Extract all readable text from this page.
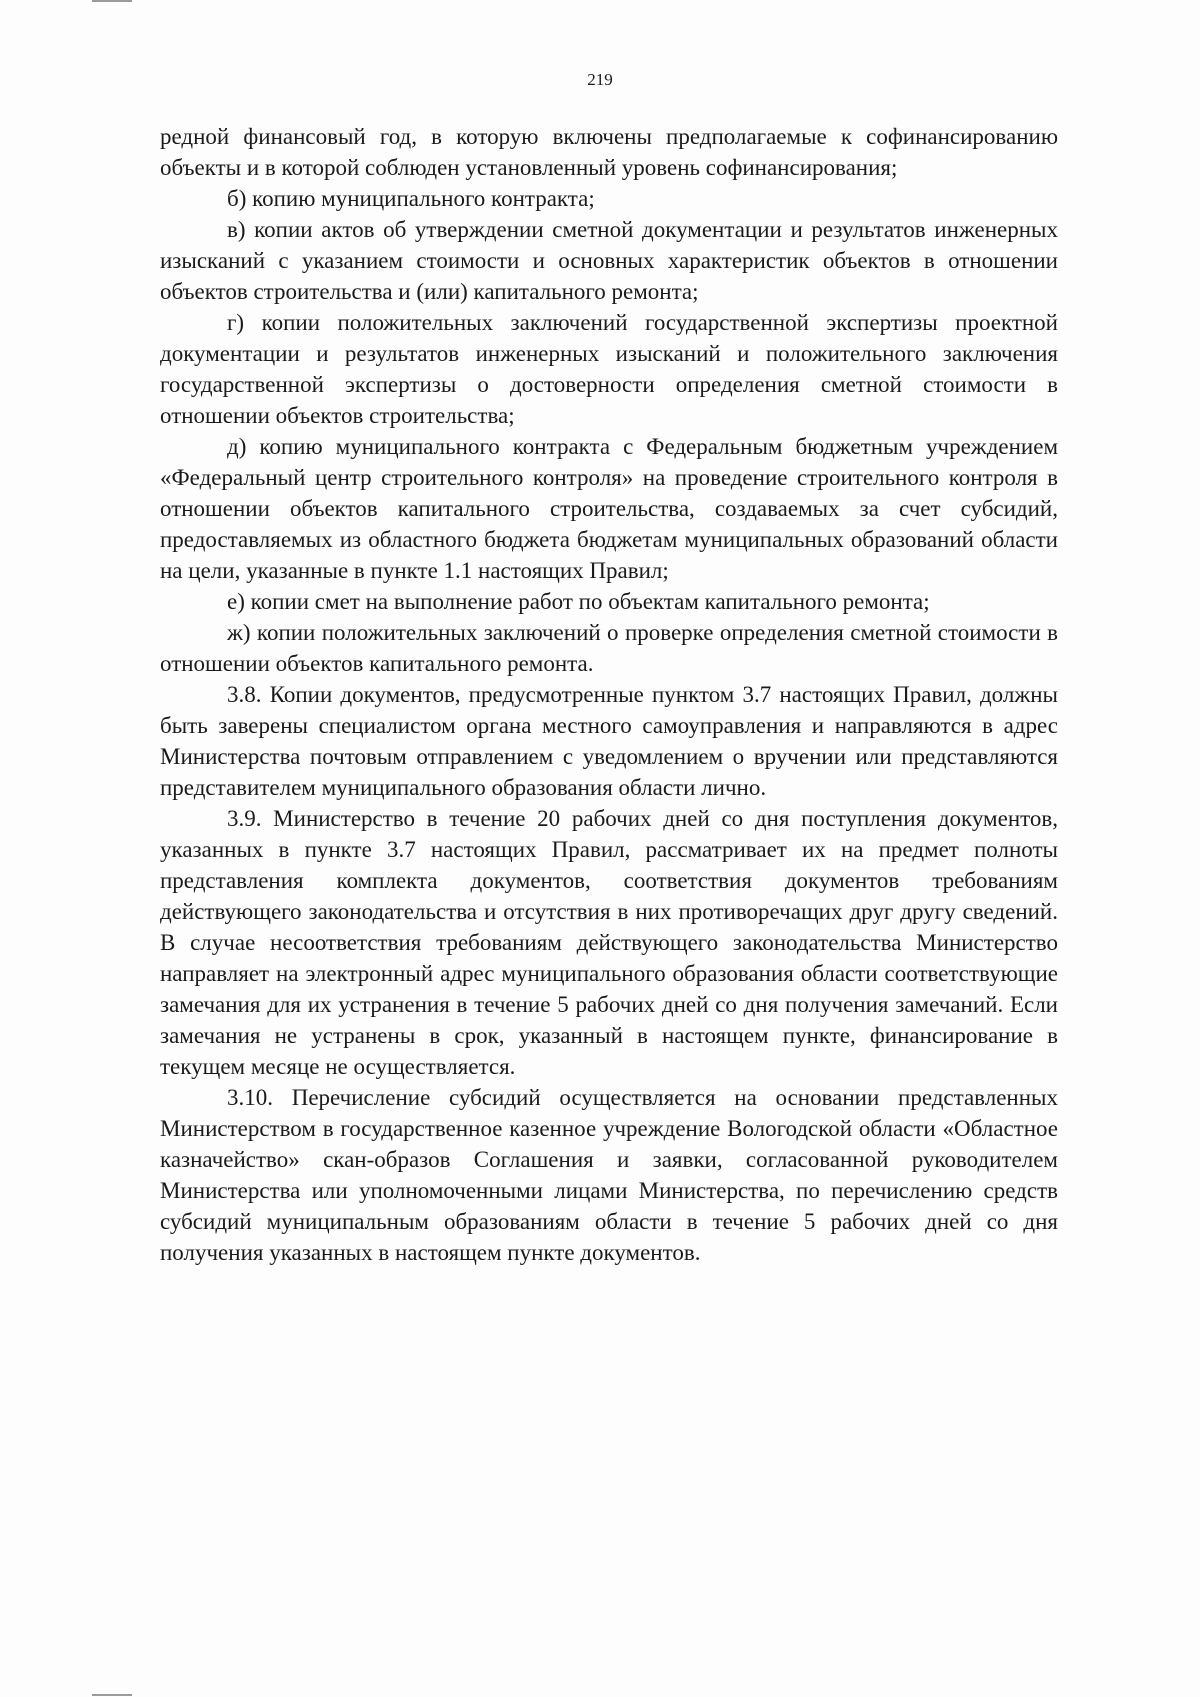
219

редной финансовый год, в которую включены предполагаемые к софинансированию объекты и в которой соблюден установленный уровень софинансирования;

б) копию муниципального контракта;

в) копии актов об утверждении сметной документации и результатов инженерных изысканий с указанием стоимости и основных характеристик объектов в отношении объектов строительства и (или) капитального ремонта;

г) копии положительных заключений государственной экспертизы проектной документации и результатов инженерных изысканий и положительного заключения государственной экспертизы о достоверности определения сметной стоимости в отношении объектов строительства;

д) копию муниципального контракта с Федеральным бюджетным учреждением «Федеральный центр строительного контроля» на проведение строительного контроля в отношении объектов капитального строительства, создаваемых за счет субсидий, предоставляемых из областного бюджета бюджетам муниципальных образований области на цели, указанные в пункте 1.1 настоящих Правил;

е) копии смет на выполнение работ по объектам капитального ремонта;

ж) копии положительных заключений о проверке определения сметной стоимости в отношении объектов капитального ремонта.

3.8. Копии документов, предусмотренные пунктом 3.7 настоящих Правил, должны быть заверены специалистом органа местного самоуправления и направляются в адрес Министерства почтовым отправлением с уведомлением о вручении или представляются представителем муниципального образования области лично.

3.9. Министерство в течение 20 рабочих дней со дня поступления документов, указанных в пункте 3.7 настоящих Правил, рассматривает их на предмет полноты представления комплекта документов, соответствия документов требованиям действующего законодательства и отсутствия в них противоречащих друг другу сведений. В случае несоответствия требованиям действующего законодательства Министерство направляет на электронный адрес муниципального образования области соответствующие замечания для их устранения в течение 5 рабочих дней со дня получения замечаний. Если замечания не устранены в срок, указанный в настоящем пункте, финансирование в текущем месяце не осуществляется.

3.10. Перечисление субсидий осуществляется на основании представленных Министерством в государственное казенное учреждение Вологодской области «Областное казначейство» скан-образов Соглашения и заявки, согласованной руководителем Министерства или уполномоченными лицами Министерства, по перечислению средств субсидий муниципальным образованиям области в течение 5 рабочих дней со дня получения указанных в настоящем пункте документов.
